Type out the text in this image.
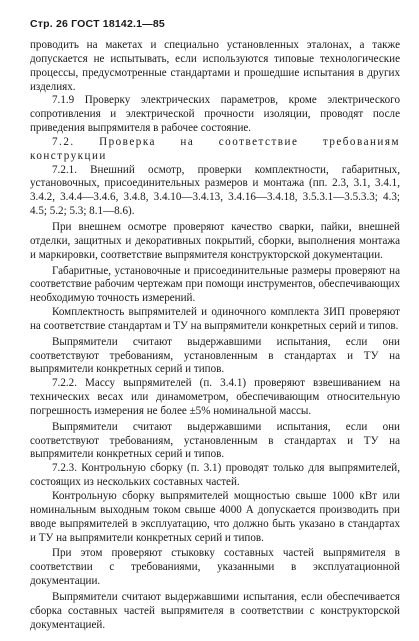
Стр. 26 ГОСТ 18142.1—85

проводить на макетах и специально установленных эталонах, а также допускается не испытывать, если используются типовые технологические процессы, предусмотренные стандартами и прошедшие испытания в других изделиях.

7.1.9 Проверку электрических параметров, кроме электрического сопротивления и электрической прочности изоляции, проводят после приведения выпрямителя в рабочее состояние.

7.2. Проверка на соответствие требованиям конструкции

7.2.1. Внешний осмотр, проверки комплектности, габаритных, установочных, присоединительных размеров и монтажа (пп. 2.3, 3.1, 3.4.1, 3.4.2, 3.4.4—3.4.6, 3.4.8, 3.4.10—3.4.13, 3.4.16—3.4.18, 3.5.3.1—3.5.3.3; 4.3; 4.5; 5.2; 5.3; 8.1—8.6).

При внешнем осмотре проверяют качество сварки, пайки, внешней отделки, защитных и декоративных покрытий, сборки, выполнения монтажа и маркировки, соответствие выпрямителя конструкторской документации.

Габаритные, установочные и присоединительные размеры проверяют на соответствие рабочим чертежам при помощи инструментов, обеспечивающих необходимую точность измерений.

Комплектность выпрямителей и одиночного комплекта ЗИП проверяют на соответствие стандартам и ТУ на выпрямители конкретных серий и типов.

Выпрямители считают выдержавшими испытания, если они соответствуют требованиям, установленным в стандартах и ТУ на выпрямители конкретных серий и типов.

7.2.2. Массу выпрямителей (п. 3.4.1) проверяют взвешиванием на технических весах или динамометром, обеспечивающим относительную погрешность измерения не более ±5% номинальной массы.

Выпрямители считают выдержавшими испытания, если они соответствуют требованиям, установленным в стандартах и ТУ на выпрямители конкретных серий и типов.

7.2.3. Контрольную сборку (п. 3.1) проводят только для выпрямителей, состоящих из нескольких составных частей.

Контрольную сборку выпрямителей мощностью свыше 1000 кВт или номинальным выходным током свыше 4000 А допускается производить при вводе выпрямителей в эксплуатацию, что должно быть указано в стандартах и ТУ на выпрямители конкретных серий и типов.

При этом проверяют стыковку составных частей выпрямителя в соответствии с требованиями, указанными в эксплуатационной документации.

Выпрямители считают выдержавшими испытания, если обеспечивается сборка составных частей выпрямителя в соответствии с конструкторской документацией.
